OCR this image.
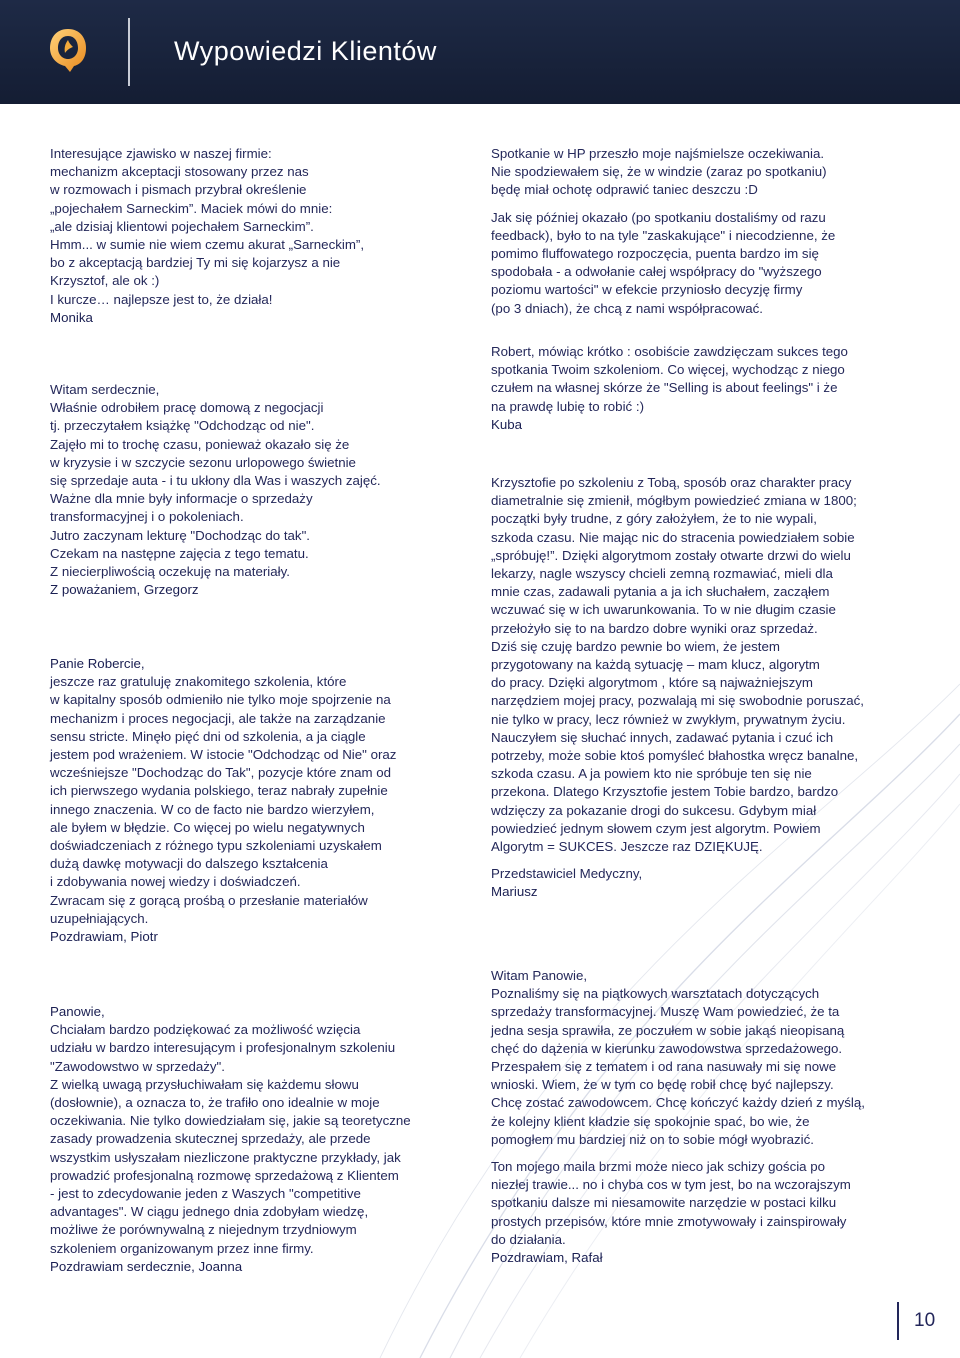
Wypowiedzi Klientów
Interesujące zjawisko w naszej firmie:
mechanizm akceptacji stosowany przez nas
w rozmowach i pismach przybrał określenie
„pojechałem Sarneckim”. Maciek mówi do mnie:
„ale dzisiaj klientowi pojechałem Sarneckim”.
Hmm... w sumie nie wiem czemu akurat „Sarneckim”,
bo z akceptacją bardziej Ty mi się kojarzysz a nie
Krzysztof, ale ok :)
I kurcze… najlepsze jest to, że działa!
Monika
Witam serdecznie,
Właśnie odrobiłem pracę domową z negocjacji
tj. przeczytałem książkę "Odchodząc od nie".
Zajęło mi to trochę czasu, ponieważ okazało się że
w kryzysie i w szczycie sezonu urlopowego świetnie
się sprzedaje auta - i tu ukłony dla Was i waszych zajęć.
Ważne dla mnie były informacje o sprzedaży
transformacyjnej i o pokoleniach.
Jutro zaczynam lekturę "Dochodząc do tak".
Czekam na następne zajęcia z tego tematu.
Z niecierpliwością oczekuję na materiały.
Z poważaniem, Grzegorz
Panie Robercie,
jeszcze raz gratuluję znakomitego szkolenia, które
w kapitalny sposób odmieniło nie tylko moje spojrzenie na
mechanizm i proces negocjacji, ale także na zarządzanie
sensu stricte. Minęło pięć dni od szkolenia, a ja ciągle
jestem pod wrażeniem. W istocie "Odchodząc od Nie" oraz
wcześniejsze "Dochodząc do Tak", pozycje które znam od
ich pierwszego wydania polskiego, teraz nabrały zupełnie
innego znaczenia. W co de facto nie bardzo wierzyłem,
ale byłem w błędzie. Co więcej po wielu negatywnych
doświadczeniach z różnego typu szkoleniami uzyskałem
dużą dawkę motywacji do dalszego kształcenia
i zdobywania nowej wiedzy i doświadczeń.
Zwracam się z gorącą prośbą o przesłanie materiałów
uzupełniających.
Pozdrawiam, Piotr
Panowie,
Chciałam bardzo podziękować za możliwość wzięcia
udziału w bardzo interesującym i profesjonalnym szkoleniu
"Zawodowstwo w sprzedaży".
Z wielką uwagą przysłuchiwałam się każdemu słowu
(dosłownie), a oznacza to, że trafiło ono idealnie w moje
oczekiwania. Nie tylko dowiedziałam się, jakie są teoretyczne
zasady prowadzenia skutecznej sprzedaży, ale przede
wszystkim usłyszałam niezliczone praktyczne przykłady, jak
prowadzić profesjonalną rozmowę sprzedażową z Klientem
- jest to zdecydowanie jeden z Waszych "competitive
advantages". W ciągu jednego dnia zdobyłam wiedzę,
możliwe że porównywalną z niejednym trzydniowym
szkoleniem organizowanym przez inne firmy.
Pozdrawiam serdecznie, Joanna
Spotkanie w HP przeszło moje najśmielsze oczekiwania.
Nie spodziewałem się, że w windzie (zaraz po spotkaniu)
będę miał ochotę odprawić taniec deszczu :D
Jak się później okazało (po spotkaniu dostaliśmy od razu
feedback), było to na tyle "zaskakujące" i niecodzienne, że
pomimo fluffowatego rozpoczęcia, puenta bardzo im się
spodobała - a odwołanie całej współpracy do "wyższego
poziomu wartości" w efekcie przyniosło decyzję firmy
(po 3 dniach), że chcą z nami współpracować.
Robert, mówiąc krótko : osobiście zawdzięczam sukces tego
spotkania Twoim szkoleniom. Co więcej, wychodząc z niego
czułem na własnej skórze że "Selling is about feelings" i że
na prawdę lubię to robić :)
Kuba
Krzysztofie po szkoleniu z Tobą, sposób oraz charakter pracy
diametralnie się zmienił, mógłbym powiedzieć zmiana w 1800;
początki były trudne, z góry założyłem, że to nie wypali,
szkoda czasu. Nie mając nic do stracenia powiedziałem sobie
„spróbuję!”. Dzięki algorytmom zostały otwarte drzwi do wielu
lekarzy, nagle wszyscy chcieli zemną rozmawiać, mieli dla
mnie czas, zadawali pytania a ja ich słuchałem, zacząłem
wczuwać się w ich uwarunkowania. To w nie długim czasie
przełożyło się to na bardzo dobre wyniki oraz sprzedaż.
Dziś się czuję bardzo pewnie bo wiem, że jestem
przygotowany na każdą sytuację – mam klucz, algorytm
do pracy. Dzięki algorytmom , które są najważniejszym
narzędziem mojej pracy, pozwalają mi się swobodnie poruszać,
nie tylko w pracy, lecz również w zwykłym, prywatnym życiu.
Nauczyłem się słuchać innych, zadawać pytania i czuć ich
potrzeby, może sobie ktoś pomyśleć błahostka wręcz banalne,
szkoda czasu. A ja powiem kto nie spróbuje ten się nie
przekona. Dlatego Krzysztofie jestem Tobie bardzo, bardzo
wdzięczy za pokazanie drogi do sukcesu. Gdybym miał
powiedzieć jednym słowem czym jest algorytm. Powiem
Algorytm = SUKCES. Jeszcze raz DZIĘKUJĘ.
Przedstawiciel Medyczny,
Mariusz
Witam Panowie,
Poznaliśmy się na piątkowych warsztatach dotyczących
sprzedaży transformacyjnej. Muszę Wam powiedzieć, że ta
jedna sesja sprawiła, ze poczułem w sobie jakąś nieopisaną
chęć do dążenia w kierunku zawodowstwa sprzedażowego.
Przespałem się z tematem i od rana nasuwały mi się nowe
wnioski. Wiem, że w tym co będę robił chcę być najlepszy.
Chcę zostać zawodowcem. Chcę kończyć każdy dzień z myślą,
że kolejny klient kładzie się spokojnie spać, bo wie, że
pomogłem mu bardziej niż on to sobie mógł wyobrazić.
Ton mojego maila brzmi może nieco jak schizy gościa po
niezłej trawie... no i chyba cos w tym jest, bo na wczorajszym
spotkaniu dalsze mi niesamowite narzędzie w postaci kilku
prostych przepisów, które mnie zmotywowały i zainspirowały
do działania.
Pozdrawiam, Rafał
10
